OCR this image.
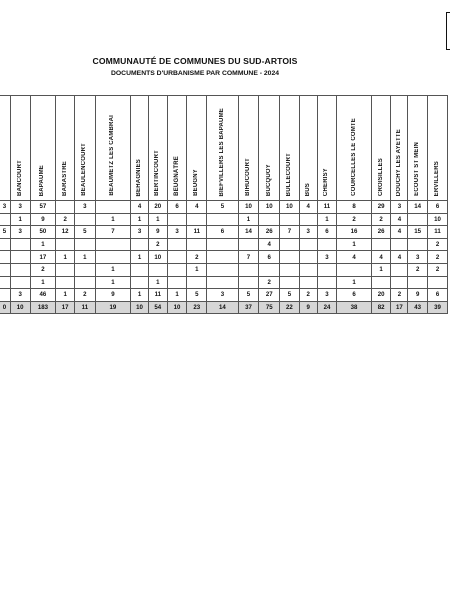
COMMUNAUTÉ DE COMMUNES DU SUD-ARTOIS
DOCUMENTS D'URBANISME PAR COMMUNE - 2024
	BANCOURT	BAPAUME	BARASTRE	BEAULENCOURT	BEAUMETZ LES CAMBRAI	BEHAGNIES	BERTINCOURT	BEUGNÂTRE	BEUGNY	BIEFVILLERS LES BAPAUME	BIHUCOURT	BUCQUOY	BULLECOURT	BUS	CHERISY	COURCELLES LE COMTE	CROISILLES	DOUCHY LES AYETTE	ECOUST ST MEIN	ERVILLERS
3	3	57		3		4	20	6	4	5	10	10	10	4	11	8	29	3	14	6
	1	9	2		1	1	1				1				1	2	2	4		10
5	3	50	12	5	7	3	9	3	11	6	14	26	7	3	6	16	26	4	15	11
		1					2					4				1				2
		17	1	1		1	10		2		7	6			3	4	4	4	3	2
		2			1				1								1		2	2
		1			1		1					2				1				
	3	46	1	2	9	1	11	1	5	3	5	27	5	2	3	6	20	2	9	6
0	10	183	17	11	19	10	54	10	23	14	37	75	22	9	24	38	82	17	43	39
